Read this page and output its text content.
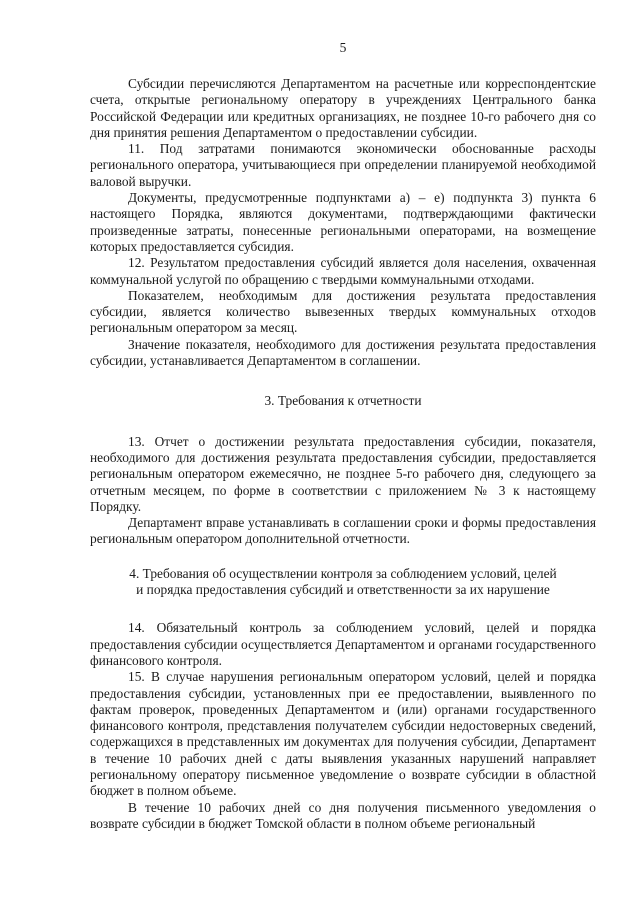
5

Субсидии перечисляются Департаментом на расчетные или корреспондентские счета, открытые региональному оператору в учреждениях Центрального банка Российской Федерации или кредитных организациях, не позднее 10-го рабочего дня со дня принятия решения Департаментом о предоставлении субсидии.

11. Под затратами понимаются экономически обоснованные расходы регионального оператора, учитывающиеся при определении планируемой необходимой валовой выручки.

Документы, предусмотренные подпунктами а) – е) подпункта 3) пункта 6 настоящего Порядка, являются документами, подтверждающими фактически произведенные затраты, понесенные региональными операторами, на возмещение которых предоставляется субсидия.

12. Результатом предоставления субсидий является доля населения, охваченная коммунальной услугой по обращению с твердыми коммунальными отходами.

Показателем, необходимым для достижения результата предоставления субсидии, является количество вывезенных твердых коммунальных отходов региональным оператором за месяц.

Значение показателя, необходимого для достижения результата предоставления субсидии, устанавливается Департаментом в соглашении.

3. Требования к отчетности

13. Отчет о достижении результата предоставления субсидии, показателя, необходимого для достижения результата предоставления субсидии, предоставляется региональным оператором ежемесячно, не позднее 5-го рабочего дня, следующего за отчетным месяцем, по форме в соответствии с приложением № 3 к настоящему Порядку.

Департамент вправе устанавливать в соглашении сроки и формы предоставления региональным оператором дополнительной отчетности.

4. Требования об осуществлении контроля за соблюдением условий, целей
и порядка предоставления субсидий и ответственности за их нарушение

14. Обязательный контроль за соблюдением условий, целей и порядка предоставления субсидии осуществляется Департаментом и органами государственного финансового контроля.

15. В случае нарушения региональным оператором условий, целей и порядка предоставления субсидии, установленных при ее предоставлении, выявленного по фактам проверок, проведенных Департаментом и (или) органами государственного финансового контроля, представления получателем субсидии недостоверных сведений, содержащихся в представленных им документах для получения субсидии, Департамент в течение 10 рабочих дней с даты выявления указанных нарушений направляет региональному оператору письменное уведомление о возврате субсидии в областной бюджет в полном объеме.

В течение 10 рабочих дней со дня получения письменного уведомления о возврате субсидии в бюджет Томской области в полном объеме региональный
